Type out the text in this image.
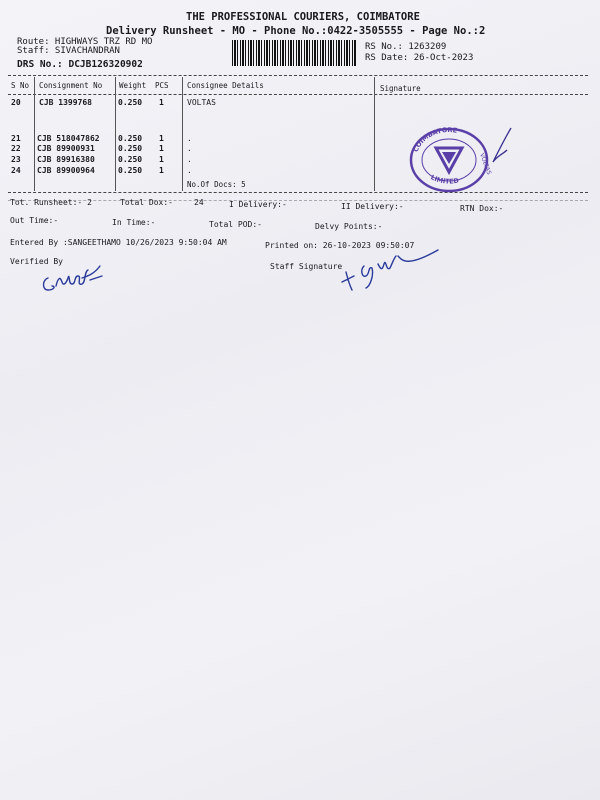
THE PROFESSIONAL COURIERS, COIMBATORE
Delivery Runsheet - MO - Phone No.:0422-3505555 - Page No.:2
Route: HIGHWAYS TRZ RD MO
Staff: SIVACHANDRAN
DRS No.: DCJB126320902
RS No.: 1263209
RS Date: 26-Oct-2023
S No Consignment No Weight PCS Consignee Details	Signature
20 CJB 1399768	0.250 1	VOLTAS
21 CJB 518047862 0.250 1	.
22 CJB 89900931	0.250 1	.
23 CJB 89916380	0.250 1	.
24 CJB 89900964	0.250 1	.
No.Of Docs: 5
COIMBATORE
LIMITED
VOLTAS
Tot. Runsheet:- 2	Total Dox:-	24	I Delivery:-	II Delivery:-	RTN Dox:-
Out Time:-	In Time:-	Total POD:-	Delvy Points:-
Entered By :SANGEETHAMO 10/26/2023 9:50:04 AM	Printed on: 26-10-2023 09:50:07
Verified By
Staff Signature
